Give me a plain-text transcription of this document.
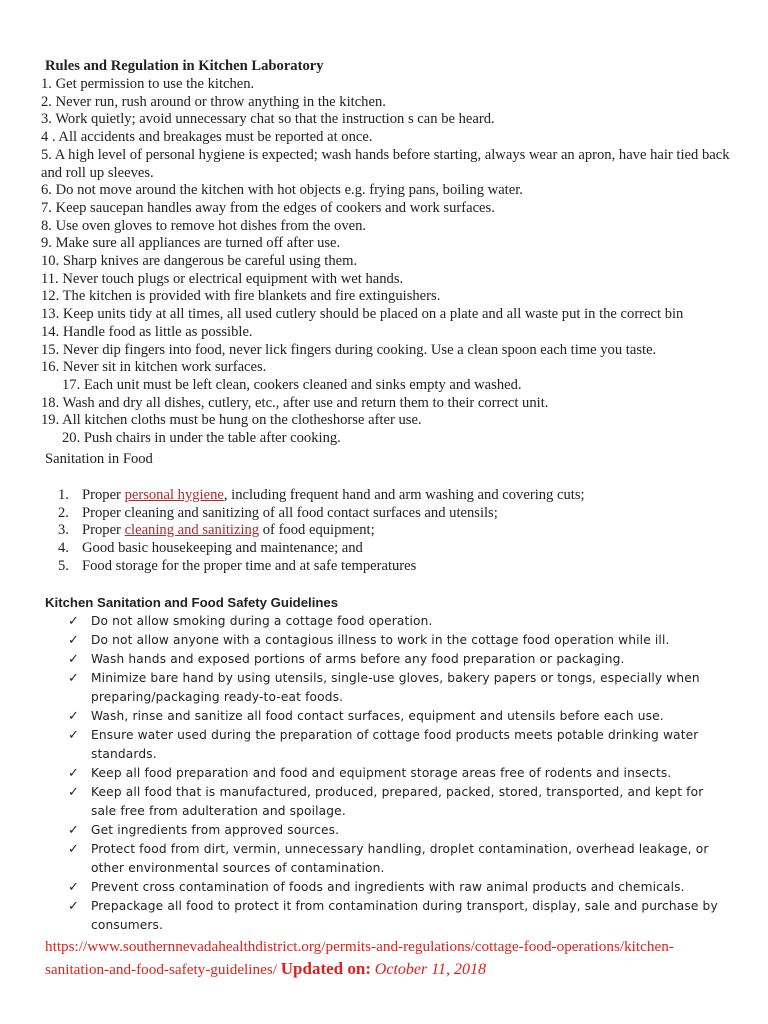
Rules and Regulation in Kitchen Laboratory
1. Get permission to use the kitchen.
2. Never run, rush around or throw anything in the kitchen.
3. Work quietly; avoid unnecessary chat so that the instruction s can be heard.
4 . All accidents and breakages must be reported at once.
5. A high level of personal hygiene is expected; wash hands before starting, always wear an apron, have hair tied back and roll up sleeves.
6. Do not move around the kitchen with hot objects e.g. frying pans, boiling water.
7. Keep saucepan handles away from the edges of cookers and work surfaces.
8. Use oven gloves to remove hot dishes from the oven.
9. Make sure all appliances are turned off after use.
10. Sharp knives are dangerous be careful using them.
11. Never touch plugs or electrical equipment with wet hands.
12. The kitchen is provided with fire blankets and fire extinguishers.
13. Keep units tidy at all times, all used cutlery should be placed on a plate and all waste put in the correct bin
14. Handle food as little as possible.
15. Never dip fingers into food, never lick fingers during cooking. Use a clean spoon each time you taste.
16. Never sit in kitchen work surfaces.
17. Each unit must be left clean, cookers cleaned and sinks empty and washed.
18. Wash and dry all dishes, cutlery, etc., after use and return them to their correct unit.
19. All kitchen cloths must be hung on the clotheshorse after use.
20. Push chairs in under the table after cooking.
Sanitation in Food
1. Proper personal hygiene, including frequent hand and arm washing and covering cuts;
2. Proper cleaning and sanitizing of all food contact surfaces and utensils;
3. Proper cleaning and sanitizing of food equipment;
4. Good basic housekeeping and maintenance; and
5. Food storage for the proper time and at safe temperatures
Kitchen Sanitation and Food Safety Guidelines
✓ Do not allow smoking during a cottage food operation.
✓ Do not allow anyone with a contagious illness to work in the cottage food operation while ill.
✓ Wash hands and exposed portions of arms before any food preparation or packaging.
✓ Minimize bare hand by using utensils, single-use gloves, bakery papers or tongs, especially when preparing/packaging ready-to-eat foods.
✓ Wash, rinse and sanitize all food contact surfaces, equipment and utensils before each use.
✓ Ensure water used during the preparation of cottage food products meets potable drinking water standards.
✓ Keep all food preparation and food and equipment storage areas free of rodents and insects.
✓ Keep all food that is manufactured, produced, prepared, packed, stored, transported, and kept for sale free from adulteration and spoilage.
✓ Get ingredients from approved sources.
✓ Protect food from dirt, vermin, unnecessary handling, droplet contamination, overhead leakage, or other environmental sources of contamination.
✓ Prevent cross contamination of foods and ingredients with raw animal products and chemicals.
✓ Prepackage all food to protect it from contamination during transport, display, sale and purchase by consumers.
https://www.southernnevadahealthdistrict.org/permits-and-regulations/cottage-food-operations/kitchen-sanitation-and-food-safety-guidelines/ Updated on: October 11, 2018
